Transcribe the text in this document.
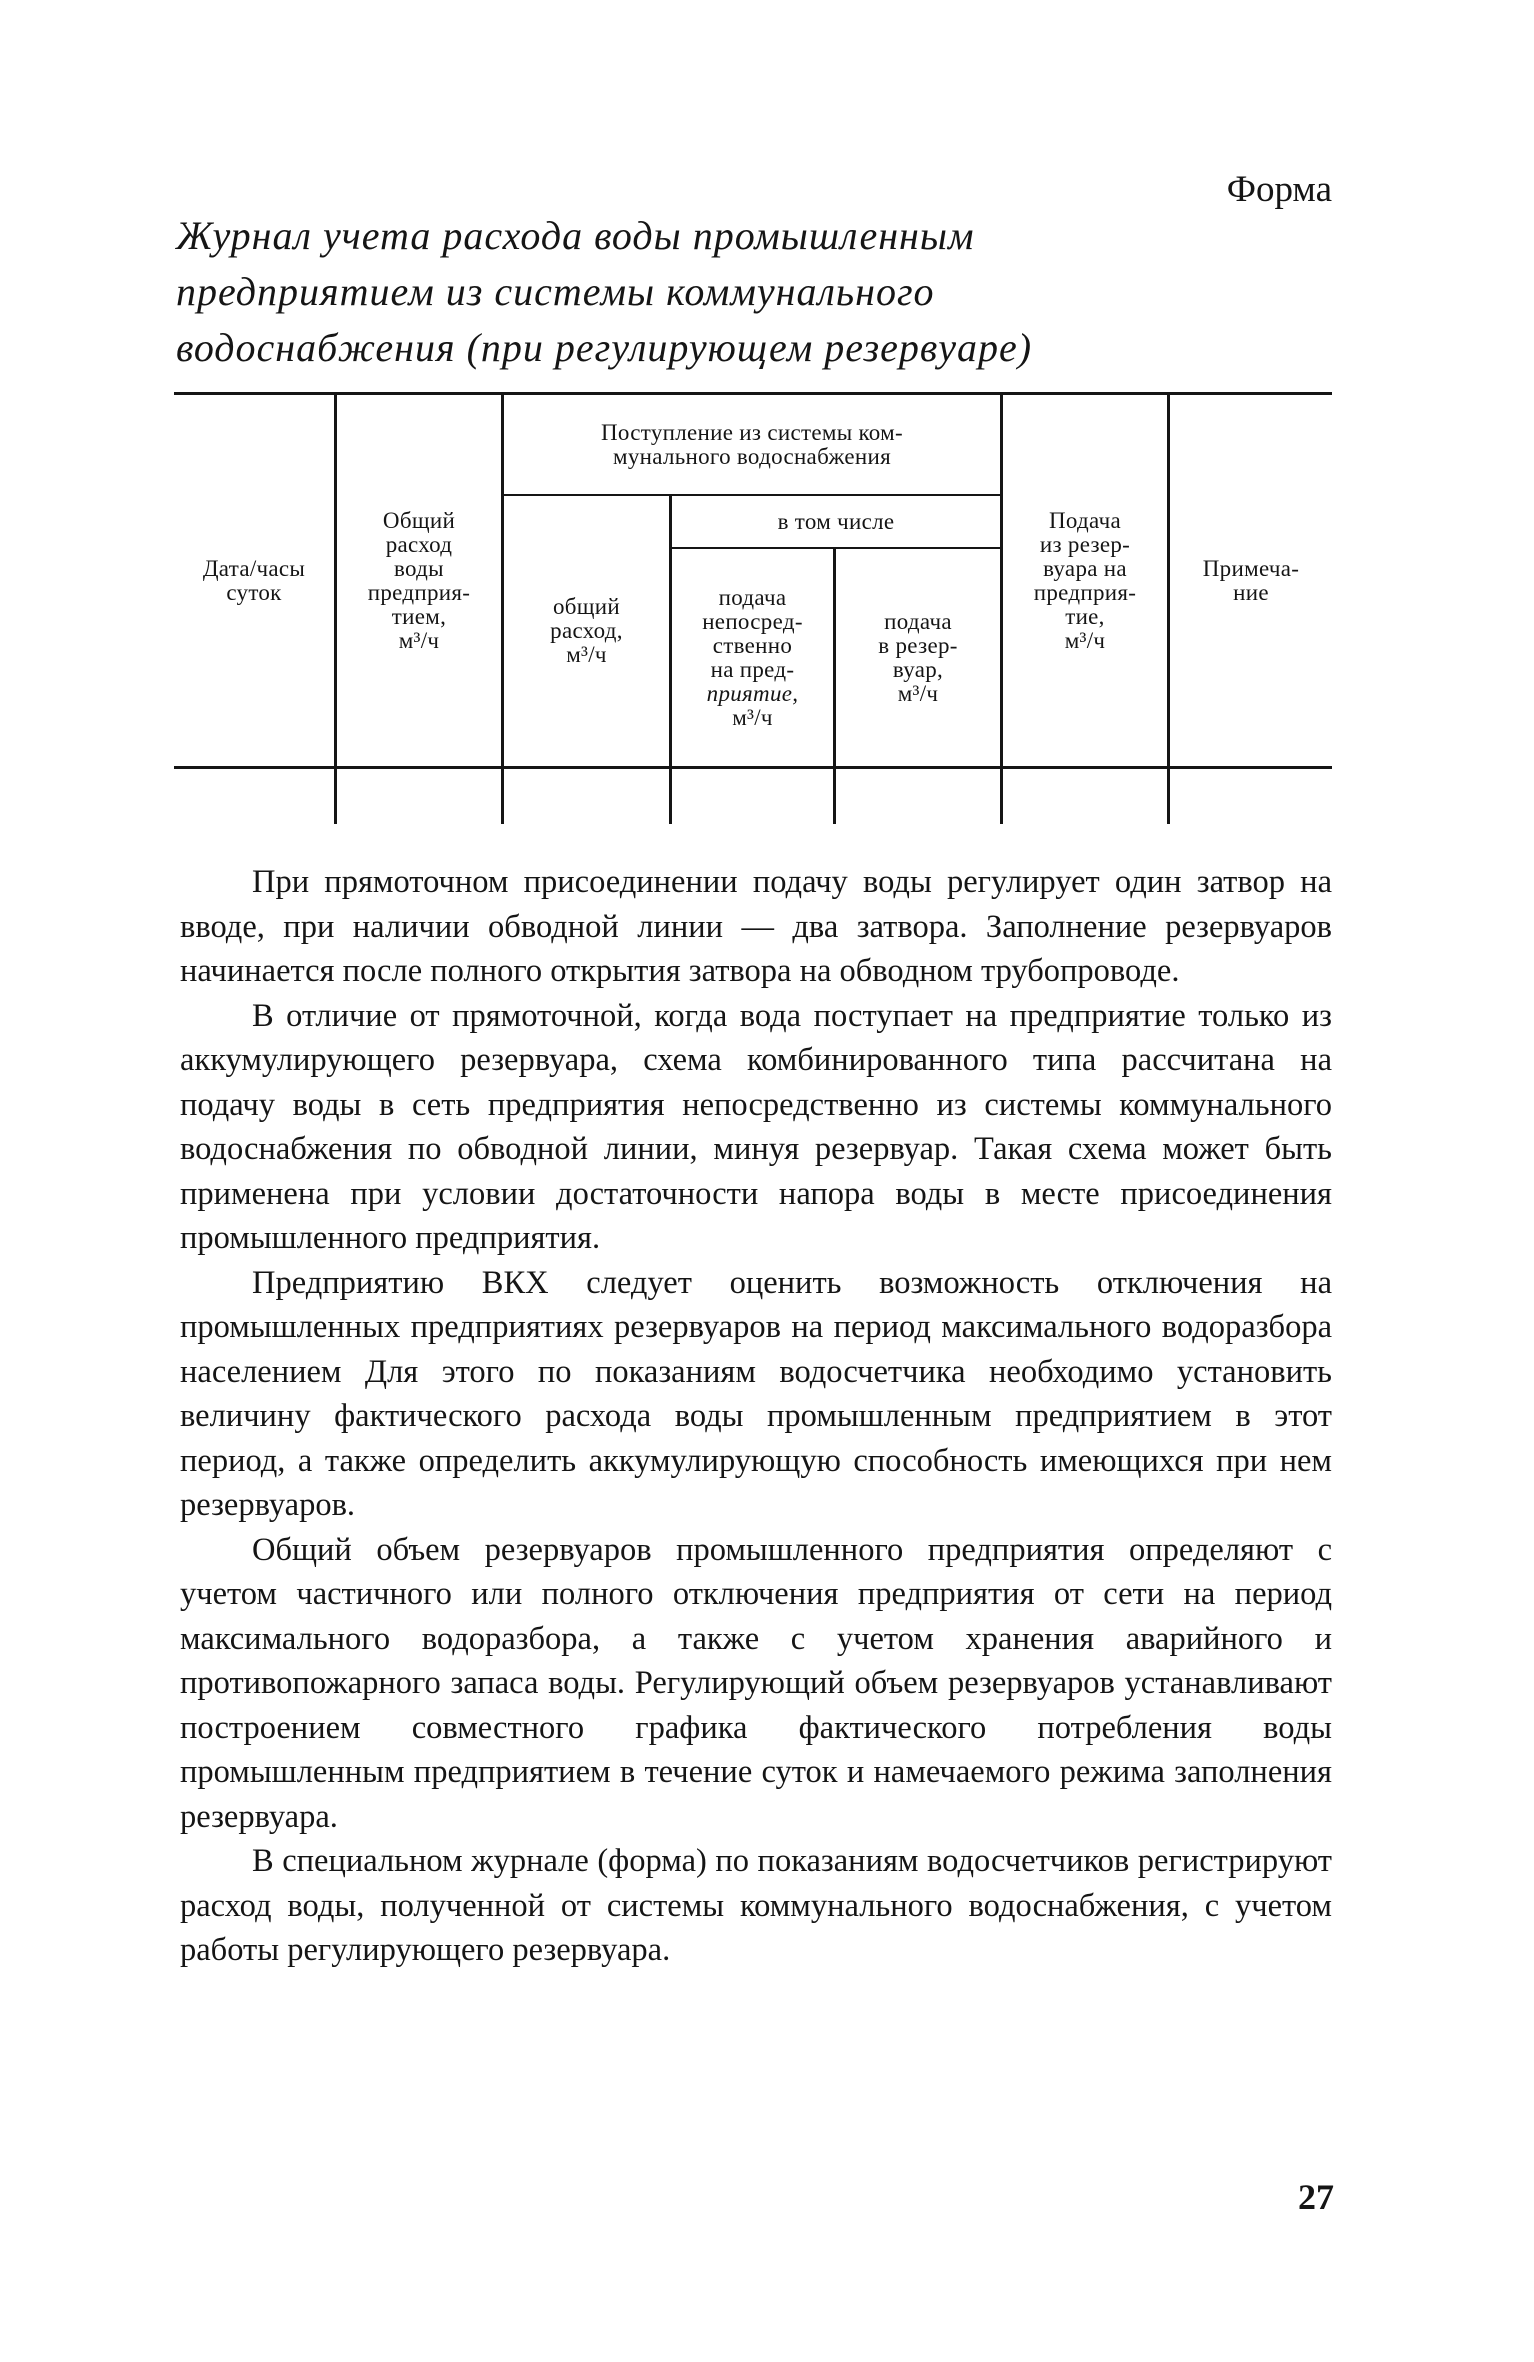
Форма
Журнал учета расхода воды промышленным
предприятием из системы коммунального
водоснабжения (при регулирующем резервуаре)
Дата/часы
суток
Общий
расход
воды
предприя-
тием,
м³/ч
Поступление из системы ком-
мунального водоснабжения
общий
расход,
м³/ч
в том числе
подача
непосред-
ственно
на пред-
приятие,
м³/ч
подача
в резер-
вуар,
м³/ч
Подача
из резер-
вуара на
предприя-
тие,
м³/ч
Примеча-
ние

При прямоточном присоединении подачу воды регулирует один затвор на вводе, при наличии обводной линии — два затвора. Заполнение резервуаров начинается после полного открытия затвора на обводном трубопроводе.

В отличие от прямоточной, когда вода поступает на предприятие только из аккумулирующего резервуара, схема комбинированного типа рассчитана на подачу воды в сеть предприятия непосредственно из системы коммунального водоснабжения по обводной линии, минуя резервуар. Такая схема может быть применена при условии достаточности напора воды в месте присоединения промышленного предприятия.

Предприятию ВКХ следует оценить возможность отключения на промышленных предприятиях резервуаров на период максимального водоразбора населением Для этого по показаниям водосчетчика необходимо установить величину фактического расхода воды промышленным предприятием в этот период, а также определить аккумулирующую способность имеющихся при нем резервуаров.

Общий объем резервуаров промышленного предприятия определяют с учетом частичного или полного отключения предприятия от сети на период максимального водоразбора, а также с учетом хранения аварийного и противопожарного запаса воды. Регулирующий объем резервуаров устанавливают построением совместного графика фактического потребления воды промышленным предприятием в течение суток и намечаемого режима заполнения резервуара.

В специальном журнале (форма) по показаниям водосчетчиков регистрируют расход воды, полученной от системы коммунального водоснабжения, с учетом работы регулирующего резервуара.

27
